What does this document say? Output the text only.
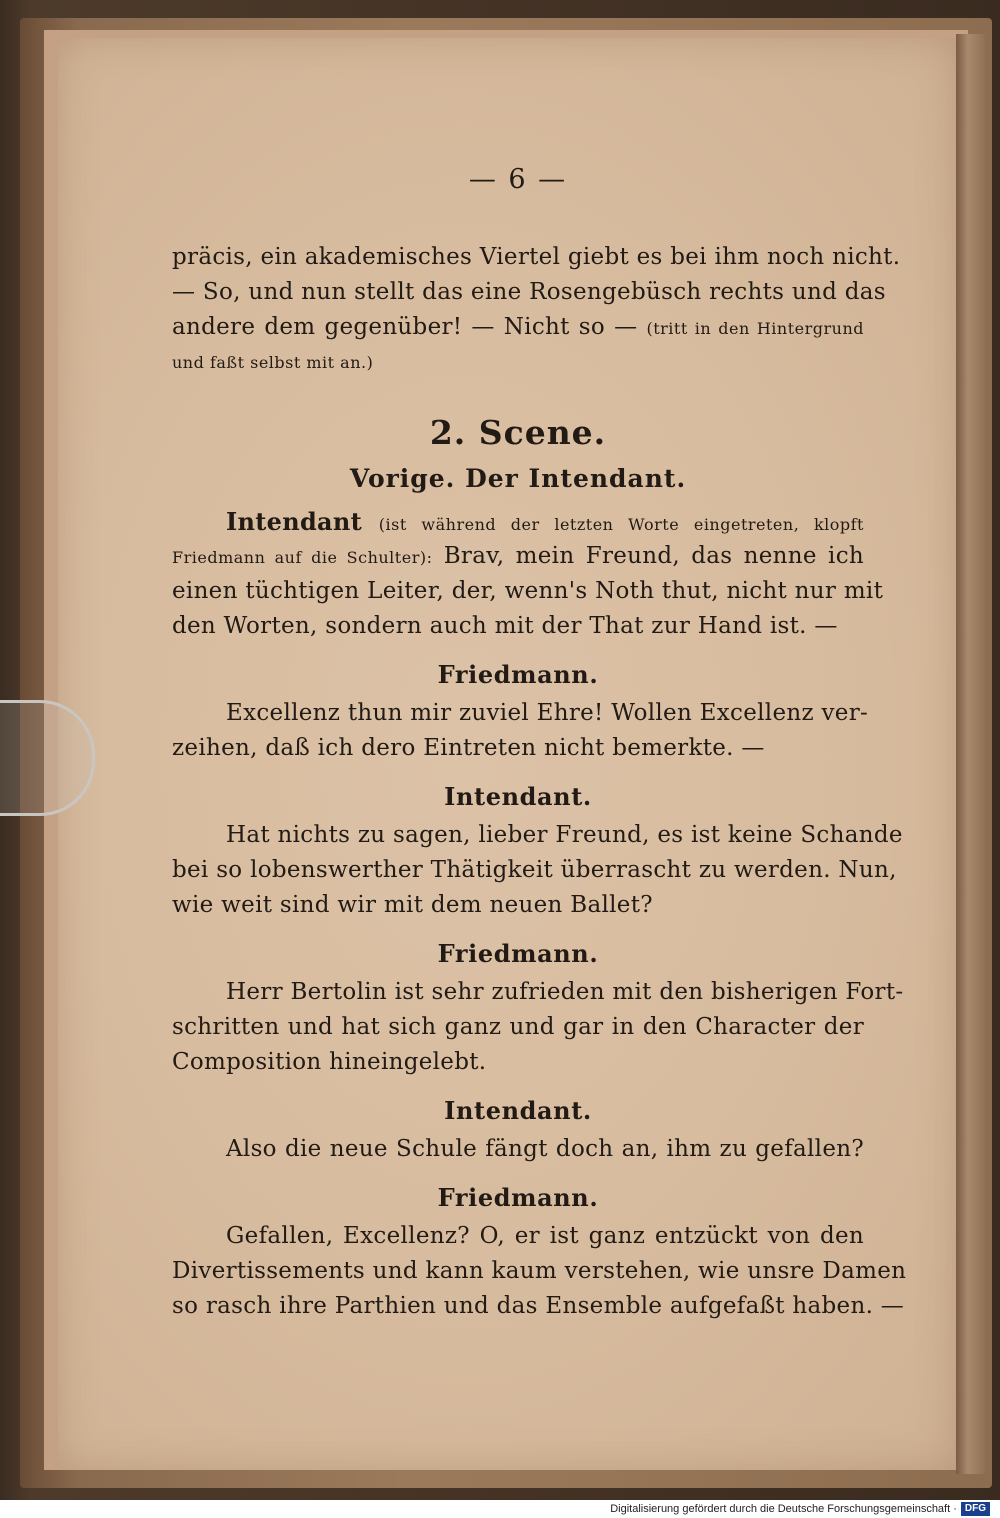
— 6 —
präcis, ein akademisches Viertel giebt es bei ihm noch nicht.
— So, und nun stellt das eine Rosengebüsch rechts und das
andere dem gegenüber! — Nicht so — (tritt in den Hintergrund
und faßt selbst mit an.)
2. Scene.
Vorige. Der Intendant.
Intendant (ist während der letzten Worte eingetreten, klopft
Friedmann auf die Schulter): Brav, mein Freund, das nenne ich
einen tüchtigen Leiter, der, wenn's Noth thut, nicht nur mit
den Worten, sondern auch mit der That zur Hand ist. —
Friedmann.
Excellenz thun mir zuviel Ehre! Wollen Excellenz ver-
zeihen, daß ich dero Eintreten nicht bemerkte. —
Intendant.
Hat nichts zu sagen, lieber Freund, es ist keine Schande
bei so lobenswerther Thätigkeit überrascht zu werden. Nun,
wie weit sind wir mit dem neuen Ballet?
Friedmann.
Herr Bertolin ist sehr zufrieden mit den bisherigen Fort-
schritten und hat sich ganz und gar in den Character der
Composition hineingelebt.
Intendant.
Also die neue Schule fängt doch an, ihm zu gefallen?
Friedmann.
Gefallen, Excellenz? O, er ist ganz entzückt von den
Divertissements und kann kaum verstehen, wie unsre Damen
so rasch ihre Parthien und das Ensemble aufgefaßt haben. —
Digitalisierung gefördert durch die Deutsche Forschungsgemeinschaft · DFG
